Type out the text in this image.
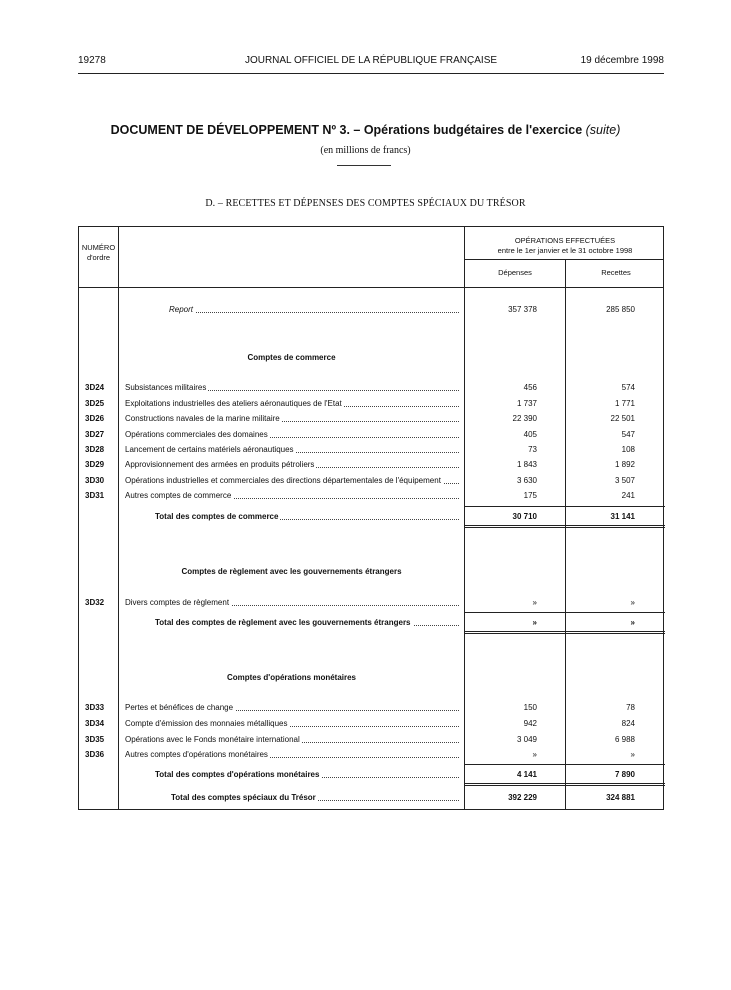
19278	JOURNAL OFFICIEL DE LA RÉPUBLIQUE FRANÇAISE	19 décembre 1998
DOCUMENT DE DÉVELOPPEMENT Nº 3. – Opérations budgétaires de l'exercice (suite)
(en millions de francs)
D. – RECETTES ET DÉPENSES DES COMPTES SPÉCIAUX DU TRÉSOR
NUMÉRO
d'ordre
OPÉRATIONS EFFECTUÉES
entre le 1er janvier et le 31 octobre 1998
Dépenses	Recettes
Report	357 378	285 850
Comptes de commerce
3D24	Subsistances militaires	456	574
3D25	Exploitations industrielles des ateliers aéronautiques de l'Etat	1 737	1 771
3D26	Constructions navales de la marine militaire	22 390	22 501
3D27	Opérations commerciales des domaines	405	547
3D28	Lancement de certains matériels aéronautiques	73	108
3D29	Approvisionnement des armées en produits pétroliers	1 843	1 892
3D30	Opérations industrielles et commerciales des directions départementales de l'équipement	3 630	3 507
3D31	Autres comptes de commerce	175	241
Total des comptes de commerce	30 710	31 141
Comptes de règlement avec les gouvernements étrangers
3D32	Divers comptes de règlement	»	»
Total des comptes de règlement avec les gouvernements étrangers	»	»
Comptes d'opérations monétaires
3D33	Pertes et bénéfices de change	150	78
3D34	Compte d'émission des monnaies métalliques	942	824
3D35	Opérations avec le Fonds monétaire international	3 049	6 988
3D36	Autres comptes d'opérations monétaires	»	»
Total des comptes d'opérations monétaires	4 141	7 890
Total des comptes spéciaux du Trésor	392 229	324 881
